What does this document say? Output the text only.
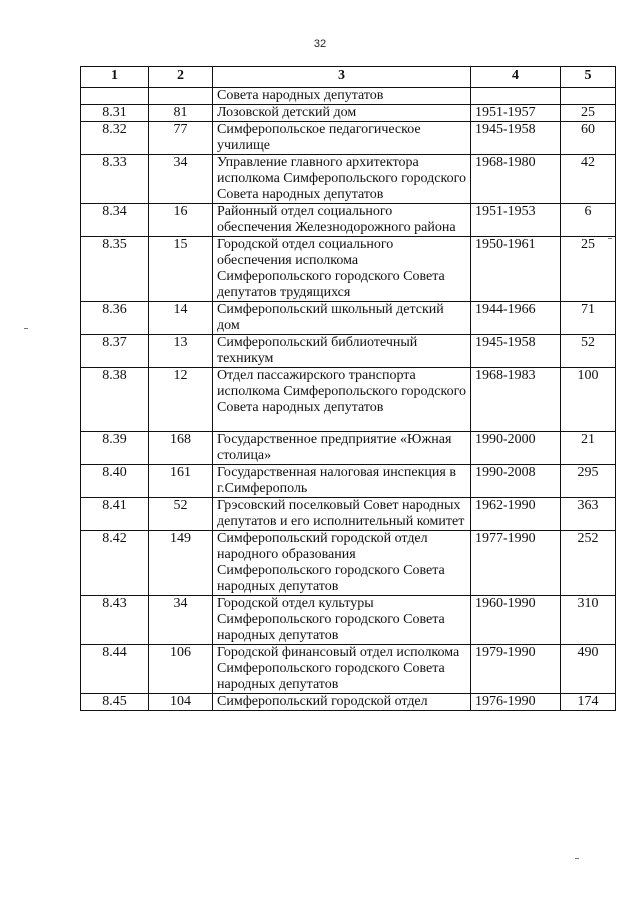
32
1	2	3	4	5
		Совета народных депутатов		
8.31	81	Лозовской детский дом	1951-1957	25
8.32	77	Симферопольское педагогическое училище	1945-1958	60
8.33	34	Управление главного архитектора исполкома Симферопольского городского Совета народных депутатов	1968-1980	42
8.34	16	Районный отдел социального обеспечения Железнодорожного района	1951-1953	6
8.35	15	Городской отдел социального обеспечения исполкома Симферопольского городского Совета депутатов трудящихся	1950-1961	25
8.36	14	Симферопольский школьный детский дом	1944-1966	71
8.37	13	Симферопольский библиотечный техникум	1945-1958	52
8.38	12	Отдел пассажирского транспорта исполкома Симферопольского городского Совета народных депутатов	1968-1983	100
8.39	168	Государственное предприятие «Южная столица»	1990-2000	21
8.40	161	Государственная налоговая инспекция в г.Симферополь	1990-2008	295
8.41	52	Грэсовский поселковый Совет народных депутатов и его исполнительный комитет	1962-1990	363
8.42	149	Симферопольский городской отдел народного образования Симферопольского городского Совета народных депутатов	1977-1990	252
8.43	34	Городской отдел культуры Симферопольского городского Совета народных депутатов	1960-1990	310
8.44	106	Городской финансовый отдел исполкома Симферопольского городского Совета народных депутатов	1979-1990	490
8.45	104	Симферопольский городской отдел	1976-1990	174
